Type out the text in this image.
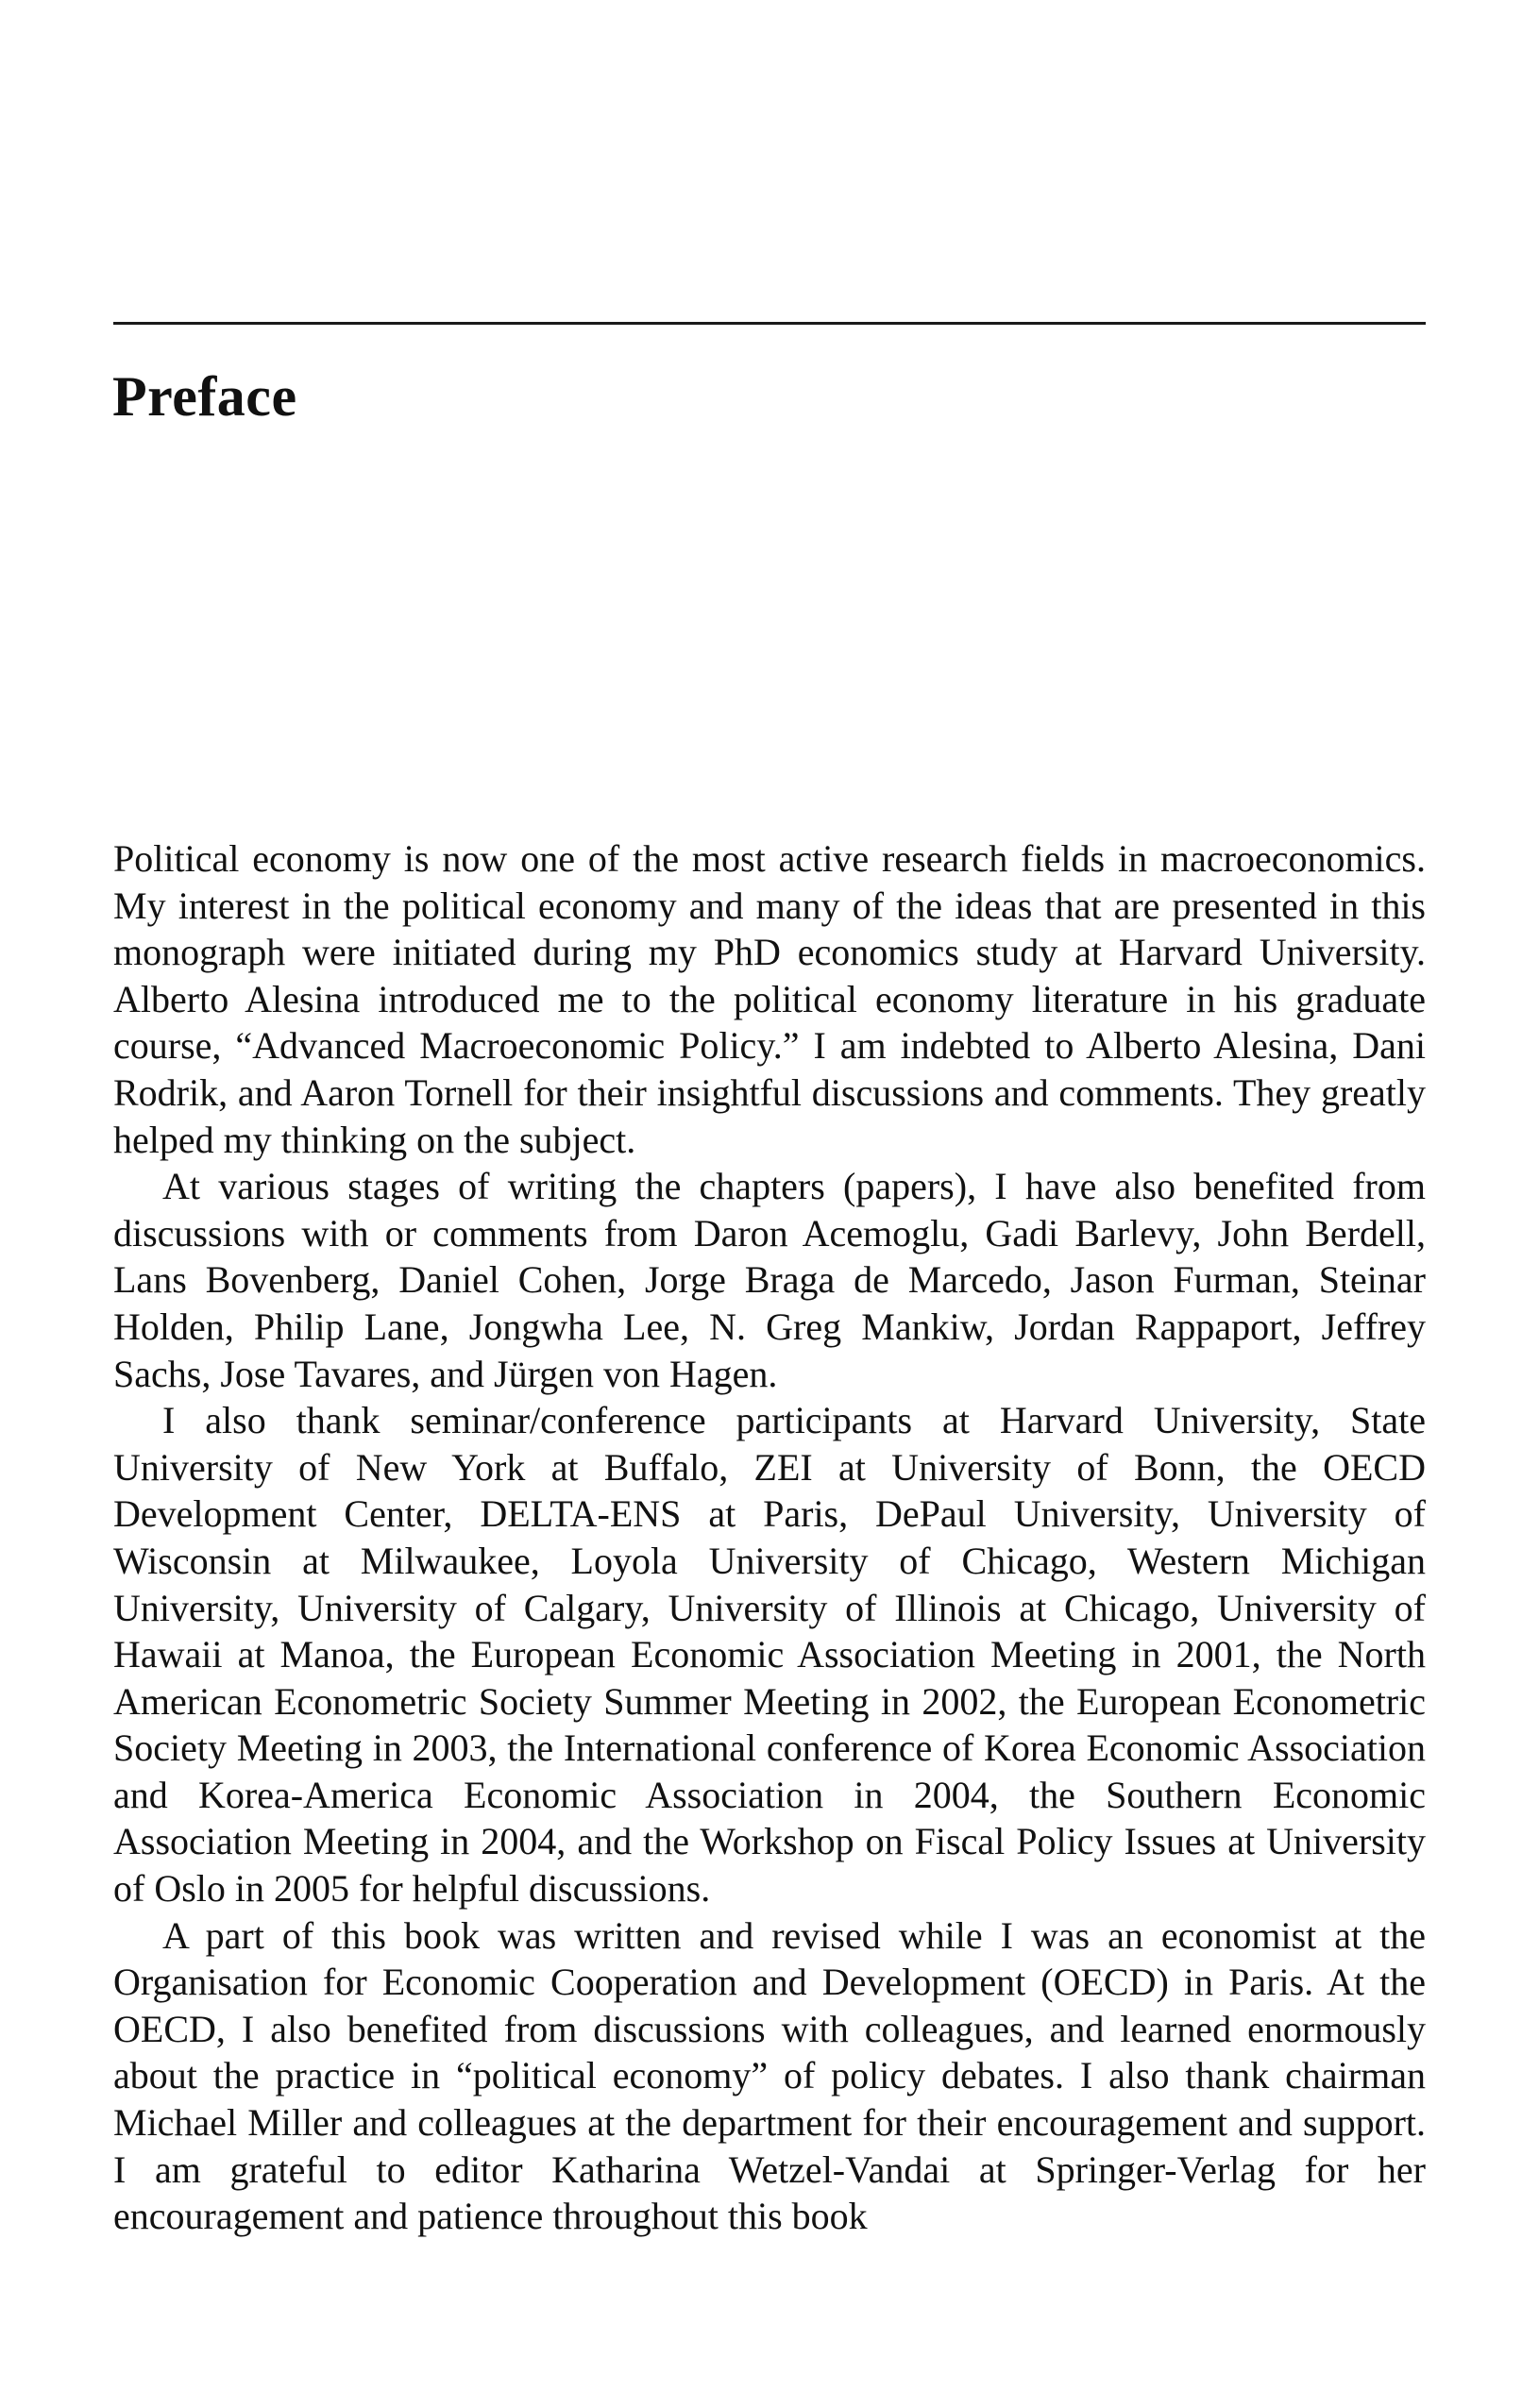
Preface

Political economy is now one of the most active research fields in macroeconomics. My interest in the political economy and many of the ideas that are presented in this monograph were initiated during my PhD economics study at Harvard University. Alberto Alesina introduced me to the political economy literature in his graduate course, “Advanced Macroeconomic Policy.” I am indebted to Alberto Alesina, Dani Rodrik, and Aaron Tornell for their insightful discussions and comments. They greatly helped my thinking on the subject.

At various stages of writing the chapters (papers), I have also benefited from discussions with or comments from Daron Acemoglu, Gadi Barlevy, John Berdell, Lans Bovenberg, Daniel Cohen, Jorge Braga de Marcedo, Jason Furman, Steinar Holden, Philip Lane, Jongwha Lee, N. Greg Mankiw, Jordan Rappaport, Jeffrey Sachs, Jose Tavares, and Jürgen von Hagen.

I also thank seminar/conference participants at Harvard University, State University of New York at Buffalo, ZEI at University of Bonn, the OECD Development Center, DELTA-ENS at Paris, DePaul University, University of Wisconsin at Milwaukee, Loyola University of Chicago, Western Michigan University, University of Calgary, University of Illinois at Chicago, University of Hawaii at Manoa, the European Economic Association Meeting in 2001, the North American Econometric Society Summer Meeting in 2002, the European Econometric Society Meeting in 2003, the International conference of Korea Economic Association and Korea-America Economic Association in 2004, the Southern Economic Association Meeting in 2004, and the Workshop on Fiscal Policy Issues at University of Oslo in 2005 for helpful discussions.

A part of this book was written and revised while I was an economist at the Organisation for Economic Cooperation and Development (OECD) in Paris. At the OECD, I also benefited from discussions with colleagues, and learned enormously about the practice in “political economy” of policy debates. I also thank chairman Michael Miller and colleagues at the department for their encouragement and support. I am grateful to editor Katharina Wetzel-Vandai at Springer-Verlag for her encouragement and patience throughout this book
